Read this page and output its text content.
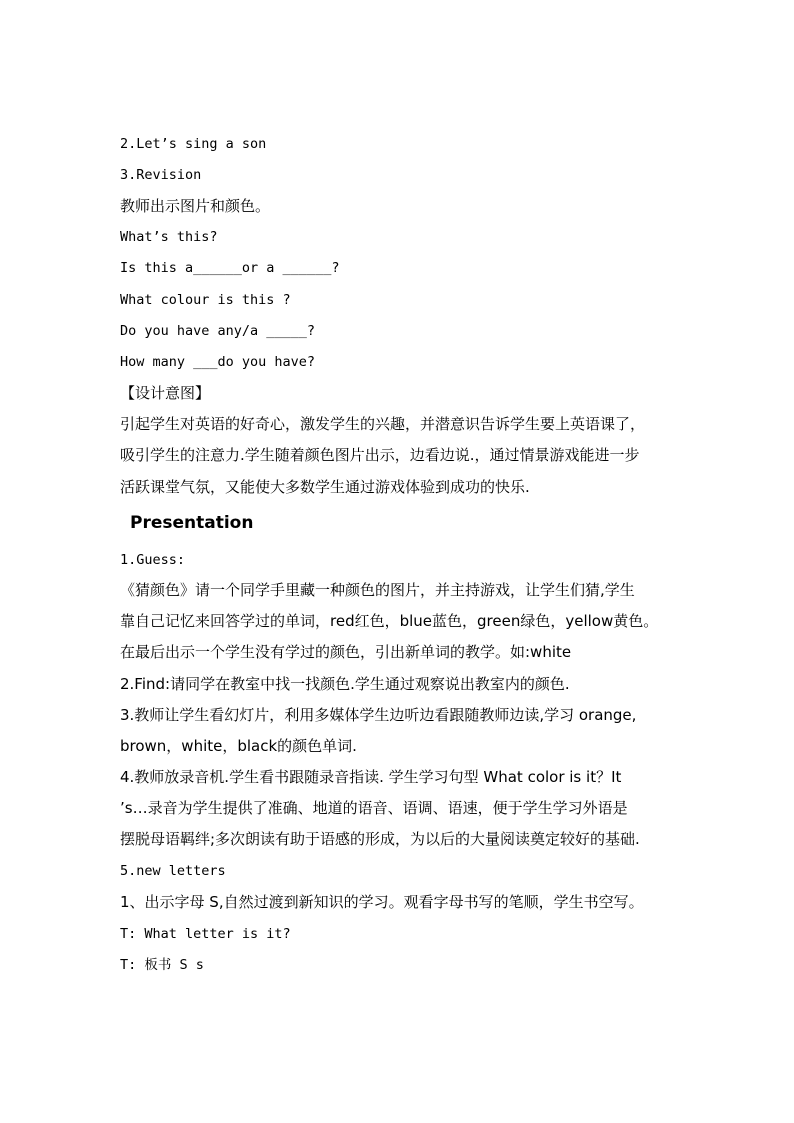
2.Let’s sing a son
3.Revision
教师出示图片和颜色。
What’s this?
Is this a______or a ______?
What colour is this ?
Do you have any/a _____?
How many ___do you have?
【设计意图】
引起学生对英语的好奇心，激发学生的兴趣，并潜意识告诉学生要上英语课了，
吸引学生的注意力.学生随着颜色图片出示，边看边说.，通过情景游戏能进一步
活跃课堂气氛，又能使大多数学生通过游戏体验到成功的快乐.
Presentation
1.Guess:
《猜颜色》请一个同学手里藏一种颜色的图片，并主持游戏，让学生们猜,学生
靠自己记忆来回答学过的单词，red红色，blue蓝色，green绿色，yellow黄色。
在最后出示一个学生没有学过的颜色，引出新单词的教学。如:white
2.Find:请同学在教室中找一找颜色.学生通过观察说出教室内的颜色.
3.教师让学生看幻灯片，利用多媒体学生边听边看跟随教师边读,学习 orange,
brown，white，black的颜色单词.
4.教师放录音机.学生看书跟随录音指读. 学生学习句型 What color is it？It
’s…录音为学生提供了准确、地道的语音、语调、语速，便于学生学习外语是
摆脱母语羁绊;多次朗读有助于语感的形成，为以后的大量阅读奠定较好的基础.
5.new letters
1、出示字母 S,自然过渡到新知识的学习。观看字母书写的笔顺，学生书空写。
T: What letter is it?
T: 板书 S s
